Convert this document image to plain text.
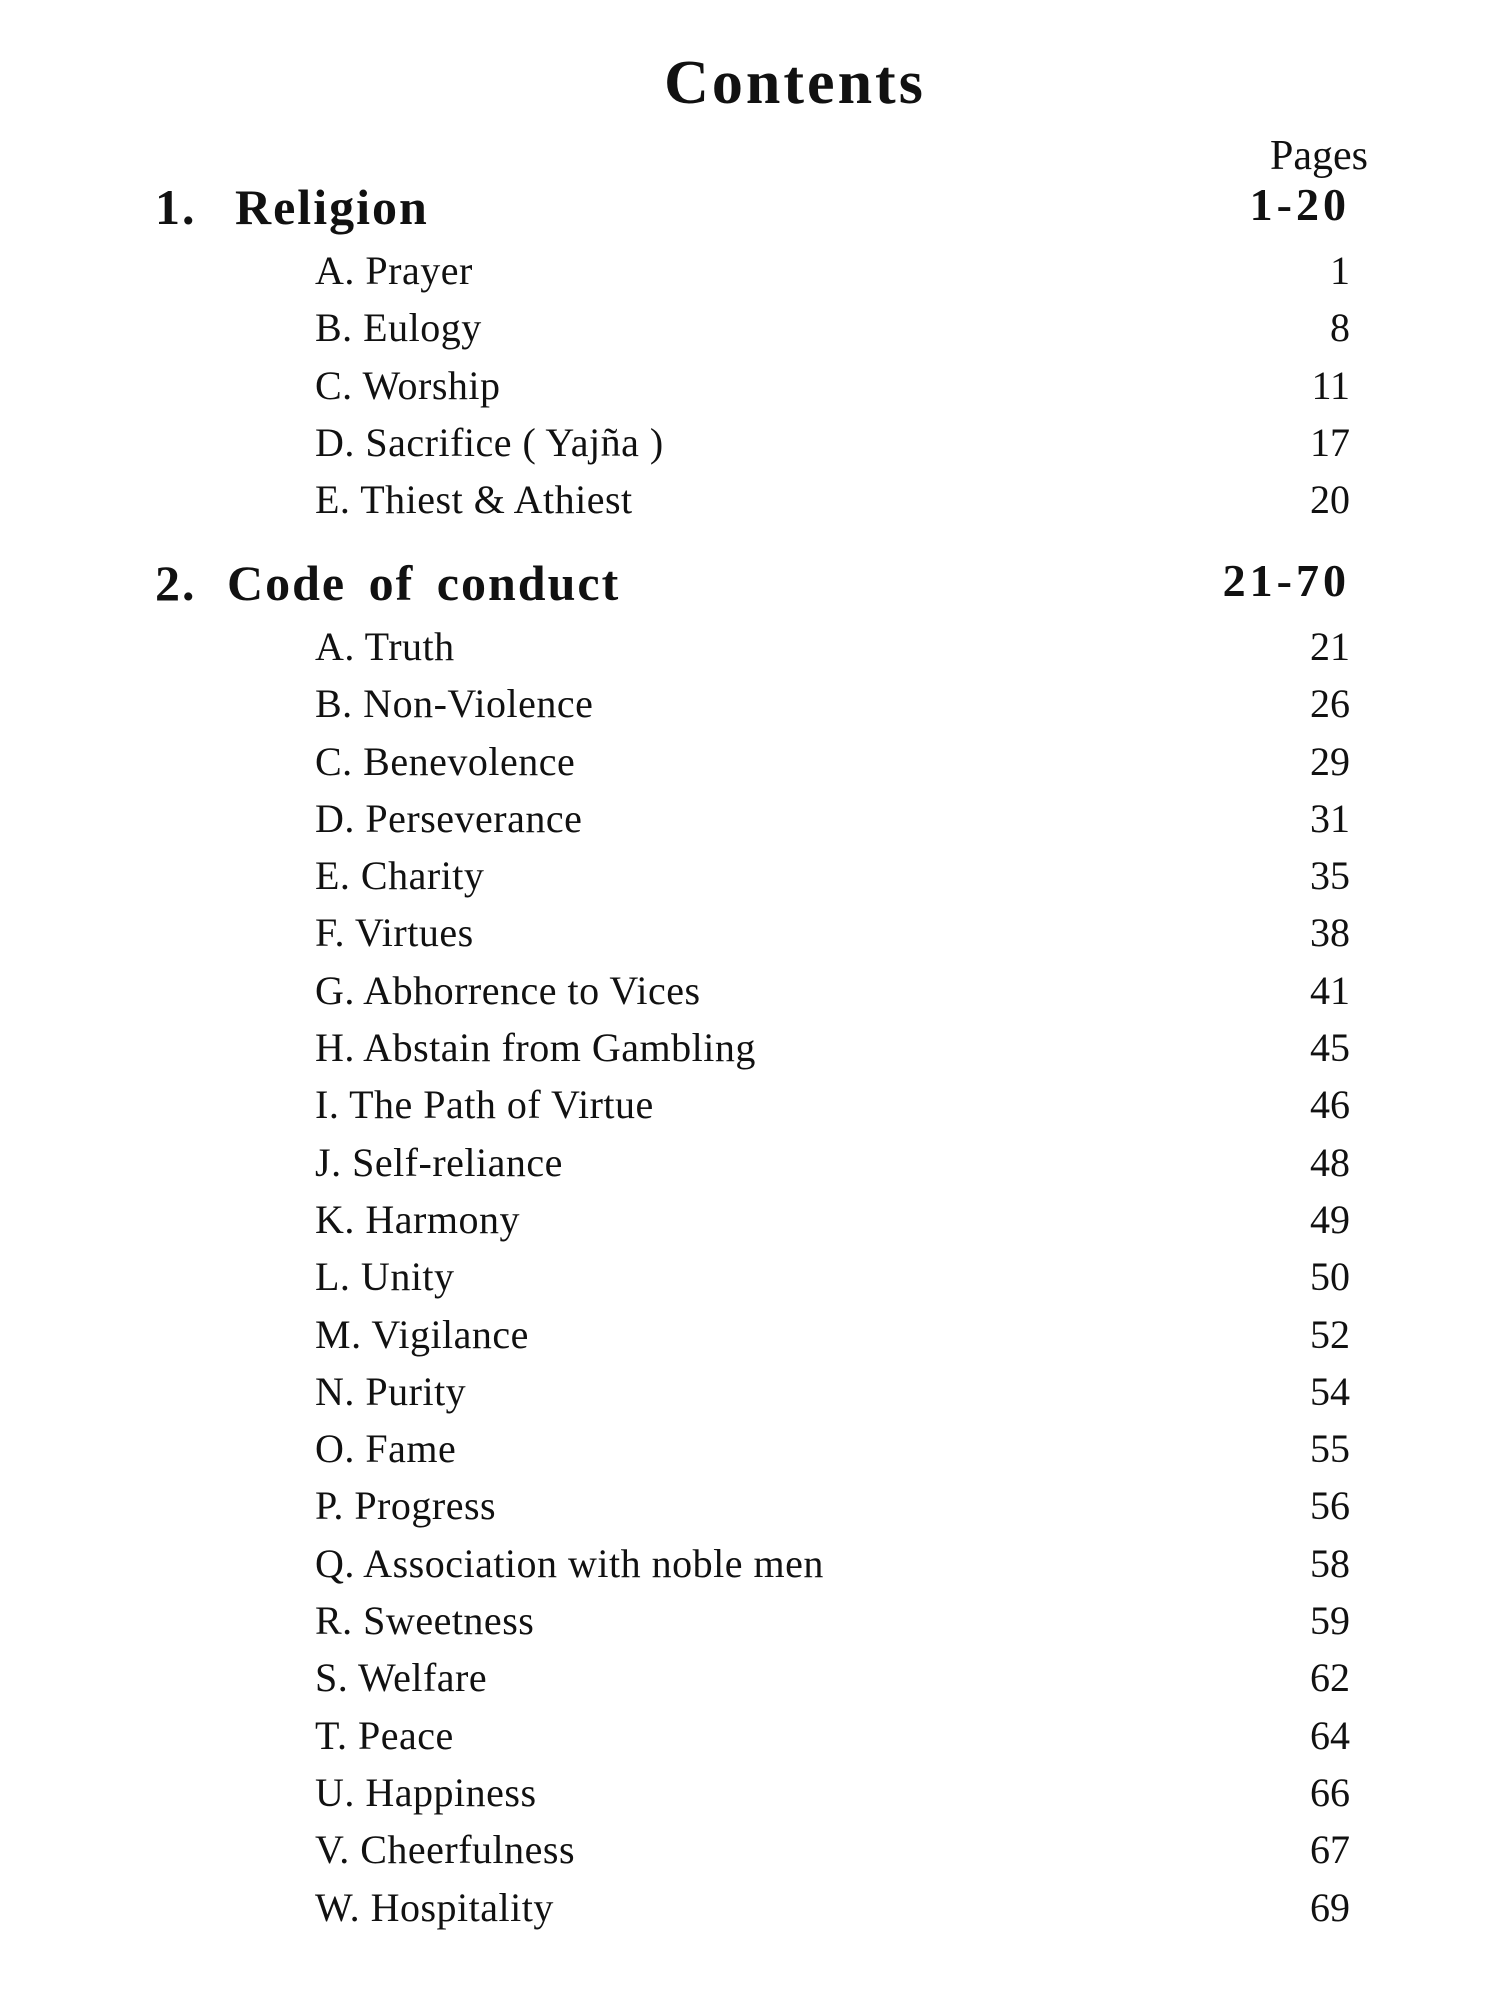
Contents
Pages
1. Religion	1-20
A. Prayer	1
B. Eulogy	8
C. Worship	11
D. Sacrifice ( Yajña )	17
E. Thiest & Athiest	20
2. Code of conduct	21-70
A. Truth	21
B. Non-Violence	26
C. Benevolence	29
D. Perseverance	31
E. Charity	35
F. Virtues	38
G. Abhorrence to Vices	41
H. Abstain from Gambling	45
I. The Path of Virtue	46
J. Self-reliance	48
K. Harmony	49
L. Unity	50
M. Vigilance	52
N. Purity	54
O. Fame	55
P. Progress	56
Q. Association with noble men	58
R. Sweetness	59
S. Welfare	62
T. Peace	64
U. Happiness	66
V. Cheerfulness	67
W. Hospitality	69
